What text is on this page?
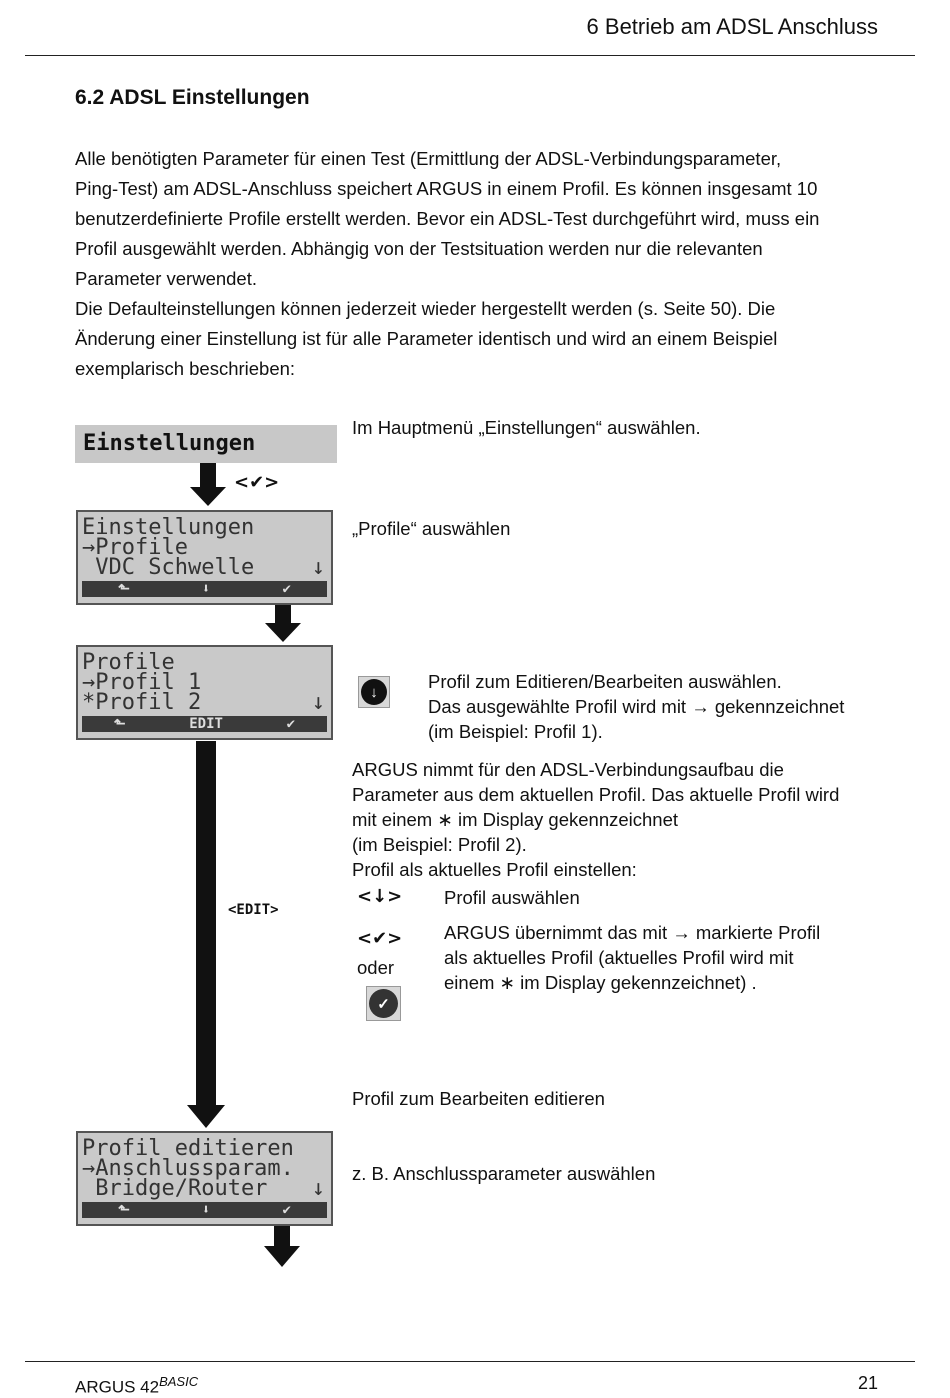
6 Betrieb am ADSL Anschluss
6.2 ADSL Einstellungen

Alle benötigten Parameter für einen Test (Ermittlung der ADSL-Verbindungsparameter,

Ping-Test) am ADSL-Anschluss speichert ARGUS in einem Profil. Es können insgesamt 10

benutzerdefinierte Profile erstellt werden. Bevor ein ADSL-Test durchgeführt wird, muss ein

Profil ausgewählt werden. Abhängig von der Testsituation werden nur die relevanten

Parameter verwendet.

Die Defaulteinstellungen können jederzeit wieder hergestellt werden (s. Seite 50). Die

Änderung einer Einstellung ist für alle Parameter identisch und wird an einem Beispiel

exemplarisch beschrieben:

Einstellungen
Im Hauptmenü „Einstellungen“ auswählen.
<✔>
Einstellungen
→Profile
VDC Schwelle	↓
⬑	⬇	✔
„Profile“ auswählen
Profile
→Profil 1
*Profil 2	↓
⬑	EDIT	✔
↓	Profil zum Editieren/Bearbeiten auswählen.
Das ausgewählte Profil wird mit → gekennzeichnet
(im Beispiel: Profil 1).
<EDIT>
ARGUS nimmt für den ADSL-Verbindungsaufbau die
Parameter aus dem aktuellen Profil. Das aktuelle Profil wird
mit einem ∗ im Display gekennzeichnet
(im Beispiel: Profil 2).
Profil als aktuelles Profil einstellen:
<↓> Profil auswählen
<✔>
oder
✓
ARGUS übernimmt das mit → markierte Profil
als aktuelles Profil (aktuelles Profil wird mit
einem ∗ im Display gekennzeichnet) .
Profil zum Bearbeiten editieren
Profil editieren
→Anschlussparam.
Bridge/Router ↓
⬑	⬇	✔
z. B. Anschlussparameter auswählen
ARGUS $42^{BASIC}$	21
